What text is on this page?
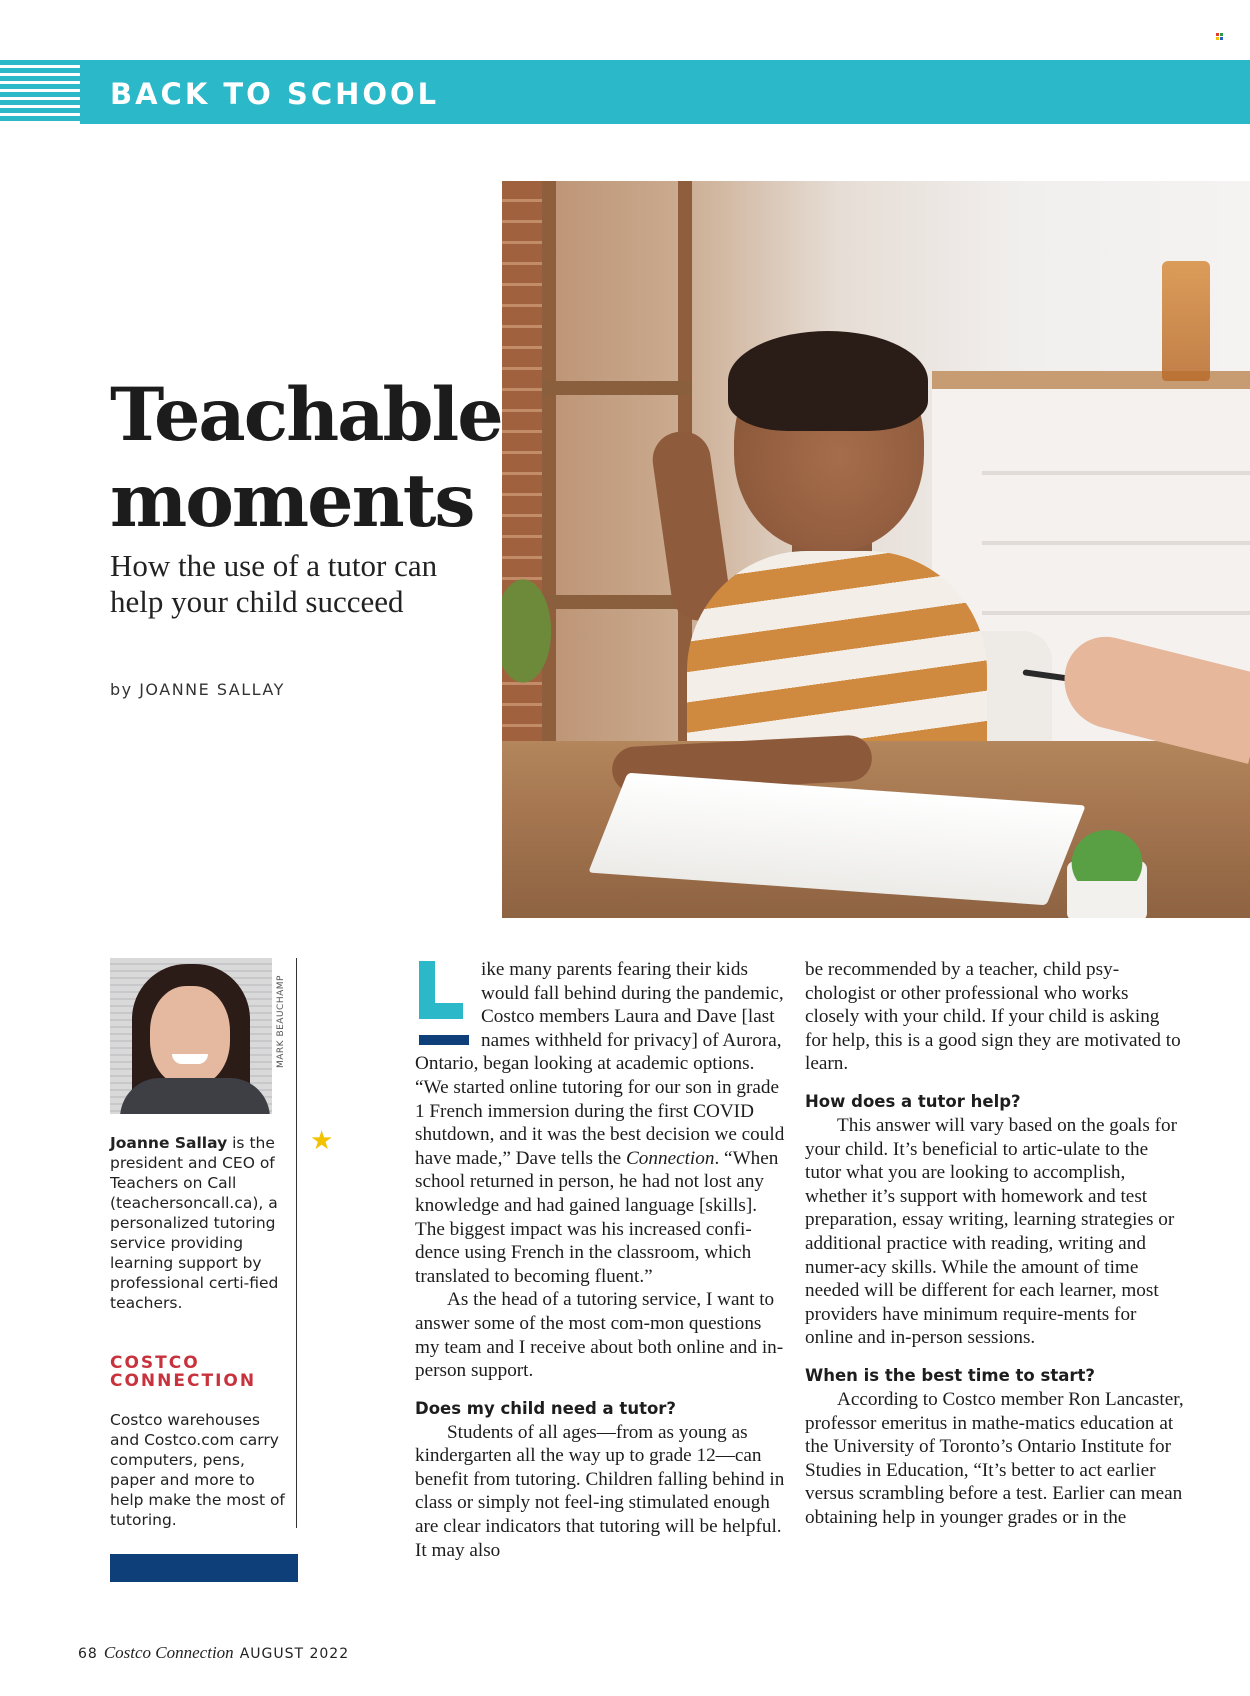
BACK TO SCHOOL
Teachable
moments
How the use of a tutor can help your child succeed
by JOANNE SALLAY
MARK BEAUCHAMP
★
Joanne Sallay is the president and CEO of Teachers on Call (teachersoncall.ca), a personalized tutoring service providing learning support by professional certi-fied teachers.
COSTCO CONNECTION
Costco warehouses and Costco.com carry computers, pens, paper and more to help make the most of tutoring.

ike many parents fearing their kids would fall behind during the pandemic, Costco members Laura and Dave [last names withheld for privacy] of Aurora, Ontario, began looking at academic options. “We started online tutoring for our son in grade 1 French immersion during the first COVID shutdown, and it was the best decision we could have made,” Dave tells the Connection. “When school returned in person, he had not lost any knowledge and had gained language [skills]. The biggest impact was his increased confi-dence using French in the classroom, which translated to becoming fluent.”

As the head of a tutoring service, I want to answer some of the most com-mon questions my team and I receive about both online and in-person support.

Does my child need a tutor?

Students of all ages—from as young as kindergarten all the way up to grade 12—can benefit from tutoring. Children falling behind in class or simply not feel-ing stimulated enough are clear indicators that tutoring will be helpful. It may also

be recommended by a teacher, child psy-chologist or other professional who works closely with your child. If your child is asking for help, this is a good sign they are motivated to learn.

How does a tutor help?

This answer will vary based on the goals for your child. It’s beneficial to artic-ulate to the tutor what you are looking to accomplish, whether it’s support with homework and test preparation, essay writing, learning strategies or additional practice with reading, writing and numer-acy skills. While the amount of time needed will be different for each learner, most providers have minimum require-ments for online and in-person sessions.

When is the best time to start?

According to Costco member Ron Lancaster, professor emeritus in mathe-matics education at the University of Toronto’s Ontario Institute for Studies in Education, “It’s better to act earlier versus scrambling before a test. Earlier can mean obtaining help in younger grades or in the

68 Costco Connection AUGUST 2022
